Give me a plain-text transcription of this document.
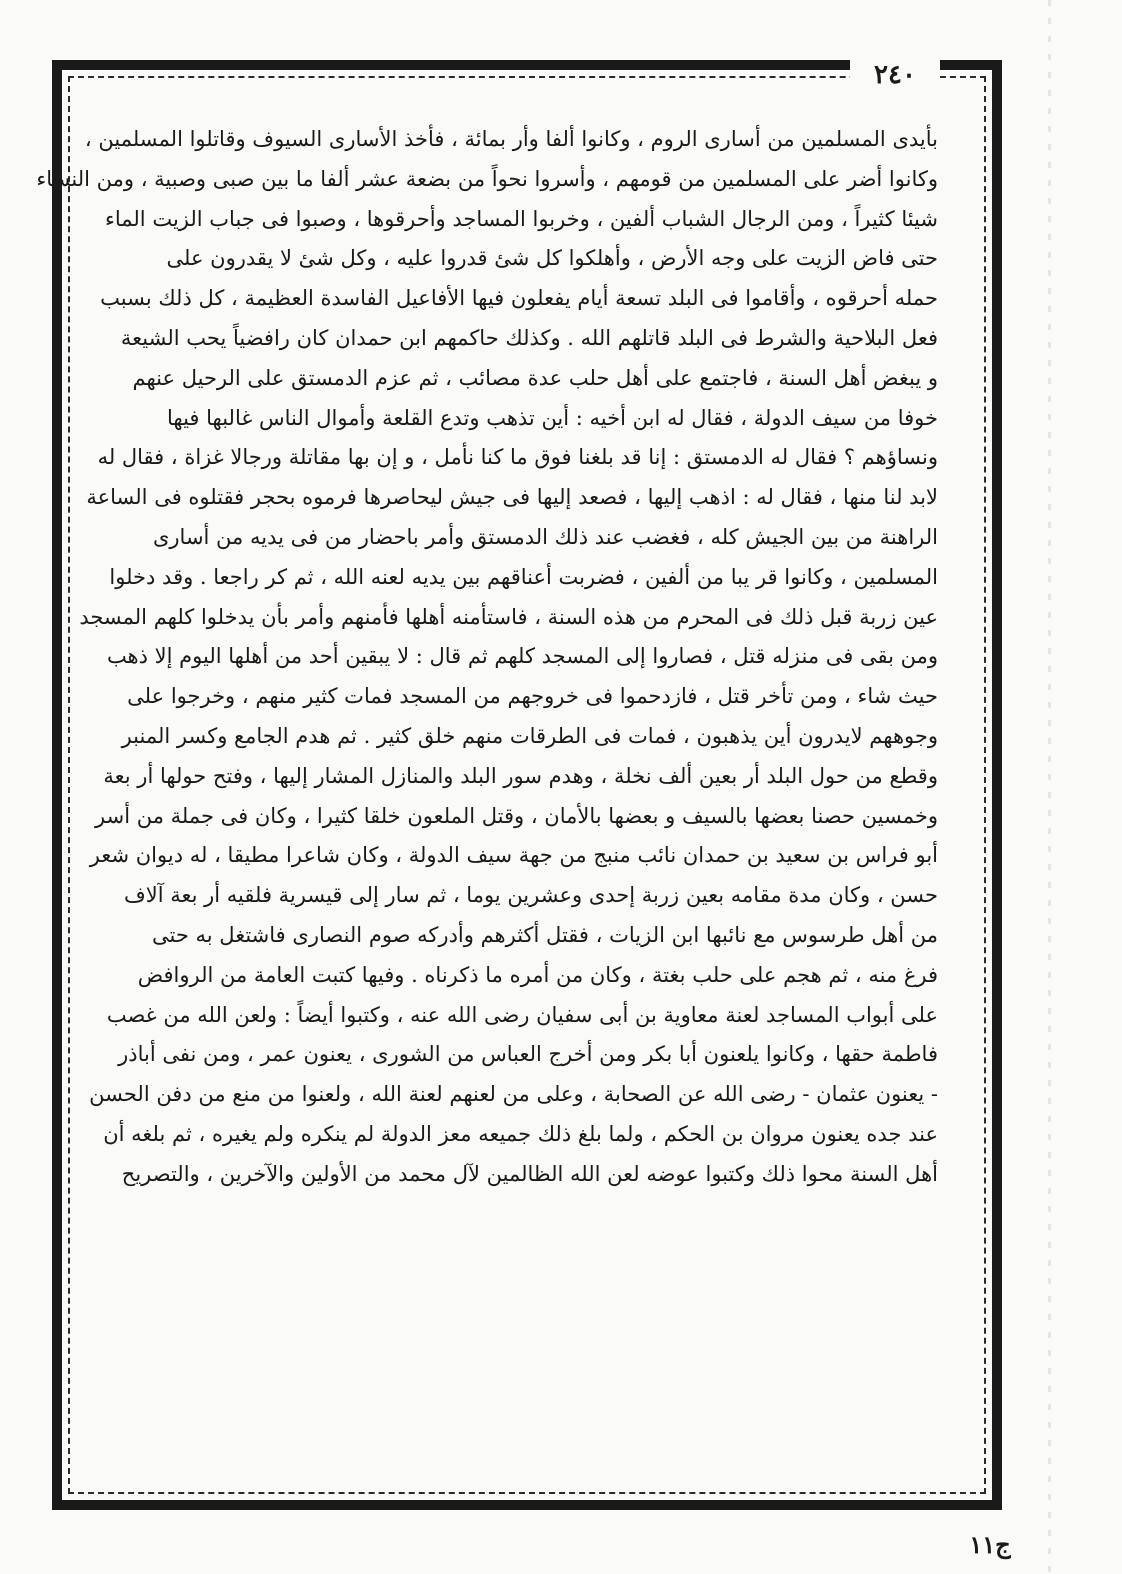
٢٤٠
بأيدى المسلمين من أسارى الروم ، وكانوا ألفا وأر بمائة ، فأخذ الأسارى السيوف وقاتلوا المسلمين ،
وكانوا أضر على المسلمين من قومهم ، وأسروا نحواً من بضعة عشر ألفا ما بين صبى وصبية ، ومن النساء
شيئا كثيراً ، ومن الرجال الشباب ألفين ، وخربوا المساجد وأحرقوها ، وصبوا فى جباب الزيت الماء
حتى فاض الزيت على وجه الأرض ، وأهلكوا كل شئ قدروا عليه ، وكل شئ لا يقدرون على
حمله أحرقوه ، وأقاموا فى البلد تسعة أيام يفعلون فيها الأفاعيل الفاسدة العظيمة ، كل ذلك بسبب
فعل البلاحية والشرط فى البلد قاتلهم الله . وكذلك حاكمهم ابن حمدان كان رافضياً يحب الشيعة
و يبغض أهل السنة ، فاجتمع على أهل حلب عدة مصائب ، ثم عزم الدمستق على الرحيل عنهم
خوفا من سيف الدولة ، فقال له ابن أخيه : أين تذهب وتدع القلعة وأموال الناس غالبها فيها
ونساؤهم ؟ فقال له الدمستق : إنا قد بلغنا فوق ما كنا نأمل ، و إن بها مقاتلة ورجالا غزاة ، فقال له
لابد لنا منها ، فقال له : اذهب إليها ، فصعد إليها فى جيش ليحاصرها فرموه بحجر فقتلوه فى الساعة
الراهنة من بين الجيش كله ، فغضب عند ذلك الدمستق وأمر باحضار من فى يديه من أسارى
المسلمين ، وكانوا قر يبا من ألفين ، فضربت أعناقهم بين يديه لعنه الله ، ثم كر راجعا . وقد دخلوا
عين زربة قبل ذلك فى المحرم من هذه السنة ، فاستأمنه أهلها فأمنهم وأمر بأن يدخلوا كلهم المسجد
ومن بقى فى منزله قتل ، فصاروا إلى المسجد كلهم ثم قال : لا يبقين أحد من أهلها اليوم إلا ذهب
حيث شاء ، ومن تأخر قتل ، فازدحموا فى خروجهم من المسجد فمات كثير منهم ، وخرجوا على
وجوههم لايدرون أين يذهبون ، فمات فى الطرقات منهم خلق كثير . ثم هدم الجامع وكسر المنبر
وقطع من حول البلد أر بعين ألف نخلة ، وهدم سور البلد والمنازل المشار إليها ، وفتح حولها أر بعة
وخمسين حصنا بعضها بالسيف و بعضها بالأمان ، وقتل الملعون خلقا كثيرا ، وكان فى جملة من أسر
أبو فراس بن سعيد بن حمدان نائب منبج من جهة سيف الدولة ، وكان شاعرا مطيقا ، له ديوان شعر
حسن ، وكان مدة مقامه بعين زربة إحدى وعشرين يوما ، ثم سار إلى قيسرية فلقيه أر بعة آلاف
من أهل طرسوس مع نائبها ابن الزيات ، فقتل أكثرهم وأدركه صوم النصارى فاشتغل به حتى
فرغ منه ، ثم هجم على حلب بغتة ، وكان من أمره ما ذكرناه . وفيها كتبت العامة من الروافض
على أبواب المساجد لعنة معاوية بن أبى سفيان رضى الله عنه ، وكتبوا أيضاً : ولعن الله من غصب
فاطمة حقها ، وكانوا يلعنون أبا بكر ومن أخرج العباس من الشورى ، يعنون عمر ، ومن نفى أباذر
- يعنون عثمان - رضى الله عن الصحابة ، وعلى من لعنهم لعنة الله ، ولعنوا من منع من دفن الحسن
عند جده يعنون مروان بن الحكم ، ولما بلغ ذلك جميعه معز الدولة لم ينكره ولم يغيره ، ثم بلغه أن
أهل السنة محوا ذلك وكتبوا عوضه لعن الله الظالمين لآل محمد من الأولين والآخرين ، والتصريح
ج١١
